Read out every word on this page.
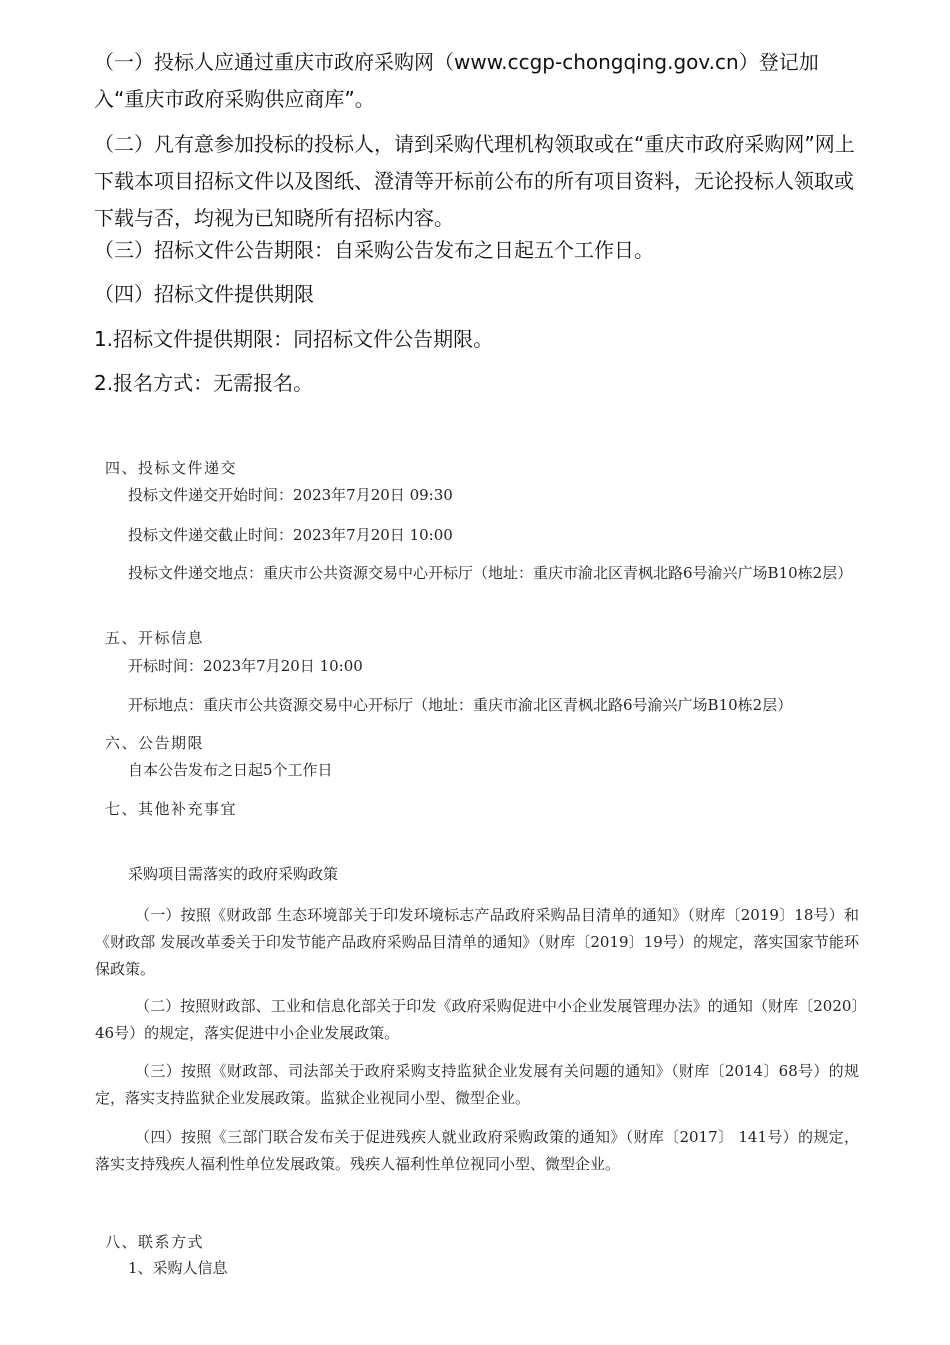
（一）投标人应通过重庆市政府采购网（www.ccgp-chongqing.gov.cn）登记加入“重庆市政府采购供应商库”。

（二）凡有意参加投标的投标人，请到采购代理机构领取或在“重庆市政府采购网”网上下载本项目招标文件以及图纸、澄清等开标前公布的所有项目资料，无论投标人领取或下载与否，均视为已知晓所有招标内容。

（三）招标文件公告期限：自采购公告发布之日起五个工作日。

（四）招标文件提供期限

1.招标文件提供期限：同招标文件公告期限。

2.报名方式：无需报名。

四、投标文件递交
投标文件递交开始时间：2023年7月20日 09:30
投标文件递交截止时间：2023年7月20日 10:00
投标文件递交地点：重庆市公共资源交易中心开标厅（地址：重庆市渝北区青枫北路6号渝兴广场B10栋2层）
五、开标信息
开标时间：2023年7月20日 10:00
开标地点：重庆市公共资源交易中心开标厅（地址：重庆市渝北区青枫北路6号渝兴广场B10栋2层）
六、公告期限
自本公告发布之日起5个工作日
七、其他补充事宜
采购项目需落实的政府采购政策
（一）按照《财政部 生态环境部关于印发环境标志产品政府采购品目清单的通知》（财库〔2019〕18号）和《财政部 发展改革委关于印发节能产品政府采购品目清单的通知》（财库〔2019〕19号）的规定，落实国家节能环保政策。
（二）按照财政部、工业和信息化部关于印发《政府采购促进中小企业发展管理办法》的通知（财库〔2020〕46号）的规定，落实促进中小企业发展政策。
（三）按照《财政部、司法部关于政府采购支持监狱企业发展有关问题的通知》（财库〔2014〕68号）的规定，落实支持监狱企业发展政策。监狱企业视同小型、微型企业。
（四）按照《三部门联合发布关于促进残疾人就业政府采购政策的通知》（财库〔2017〕 141号）的规定，落实支持残疾人福利性单位发展政策。残疾人福利性单位视同小型、微型企业。
八、联系方式
1、采购人信息
